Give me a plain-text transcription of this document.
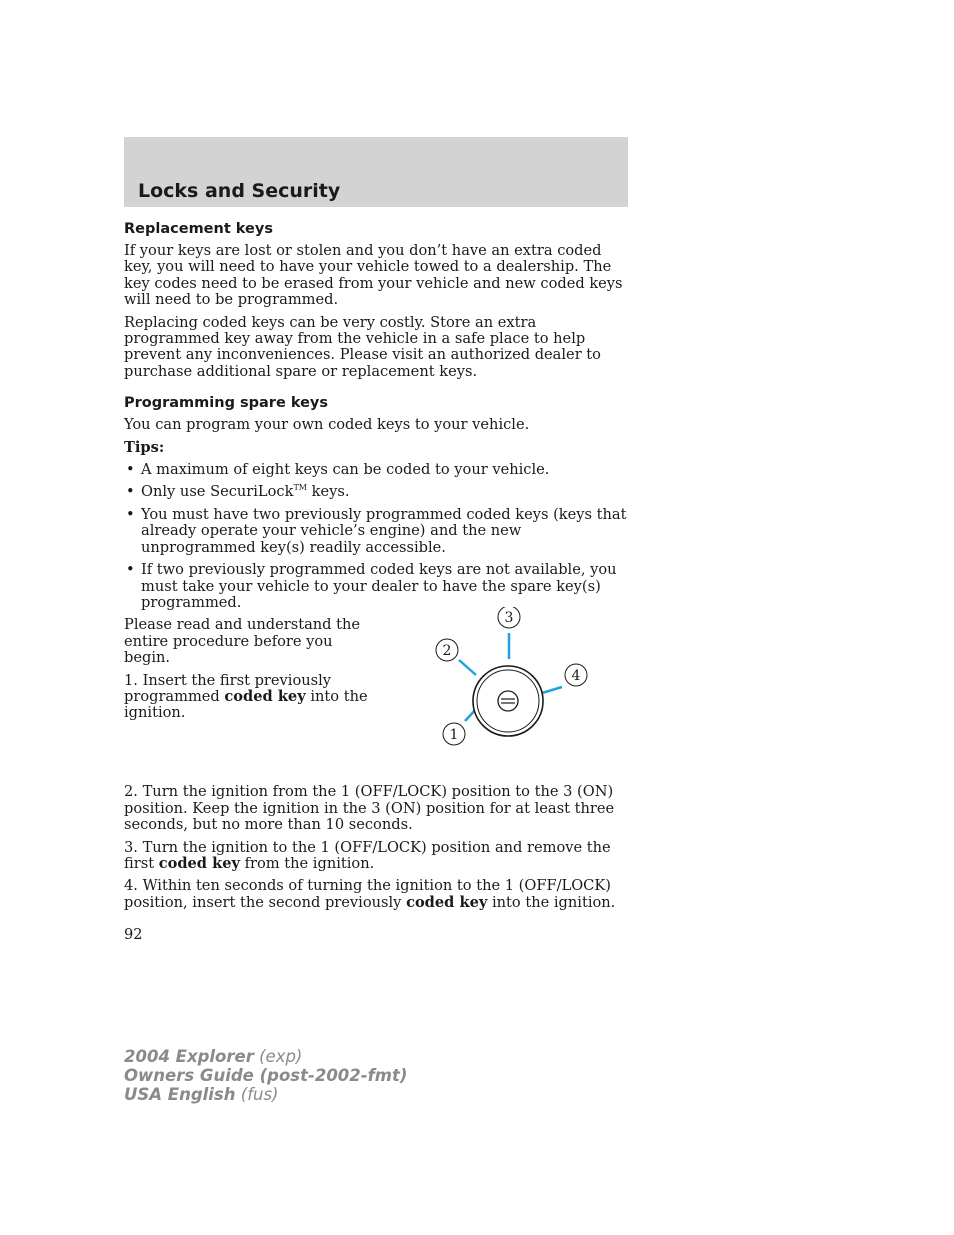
Locks and Security
Replacement keys

If your keys are lost or stolen and you don’t have an extra coded key, you will need to have your vehicle towed to a dealership. The key codes need to be erased from your vehicle and new coded keys will need to be programmed.

Replacing coded keys can be very costly. Store an extra programmed key away from the vehicle in a safe place to help prevent any inconveniences. Please visit an authorized dealer to purchase additional spare or replacement keys.

Programming spare keys

You can program your own coded keys to your vehicle.

Tips:

• A maximum of eight keys can be coded to your vehicle.
• Only use SecuriLock™ keys.
• You must have two previously programmed coded keys (keys that already operate your vehicle’s engine) and the new unprogrammed key(s) readily accessible.
• If two previously programmed coded keys are not available, you must take your vehicle to your dealer to have the spare key(s) programmed.

Please read and understand the entire procedure before you begin.

1. Insert the first previously programmed coded key into the ignition.

1
2
3
4

2. Turn the ignition from the 1 (OFF/LOCK) position to the 3 (ON) position. Keep the ignition in the 3 (ON) position for at least three seconds, but no more than 10 seconds.

3. Turn the ignition to the 1 (OFF/LOCK) position and remove the first coded key from the ignition.

4. Within ten seconds of turning the ignition to the 1 (OFF/LOCK) position, insert the second previously coded key into the ignition.

92
2004 Explorer (exp)
Owners Guide (post-2002-fmt)
USA English (fus)
